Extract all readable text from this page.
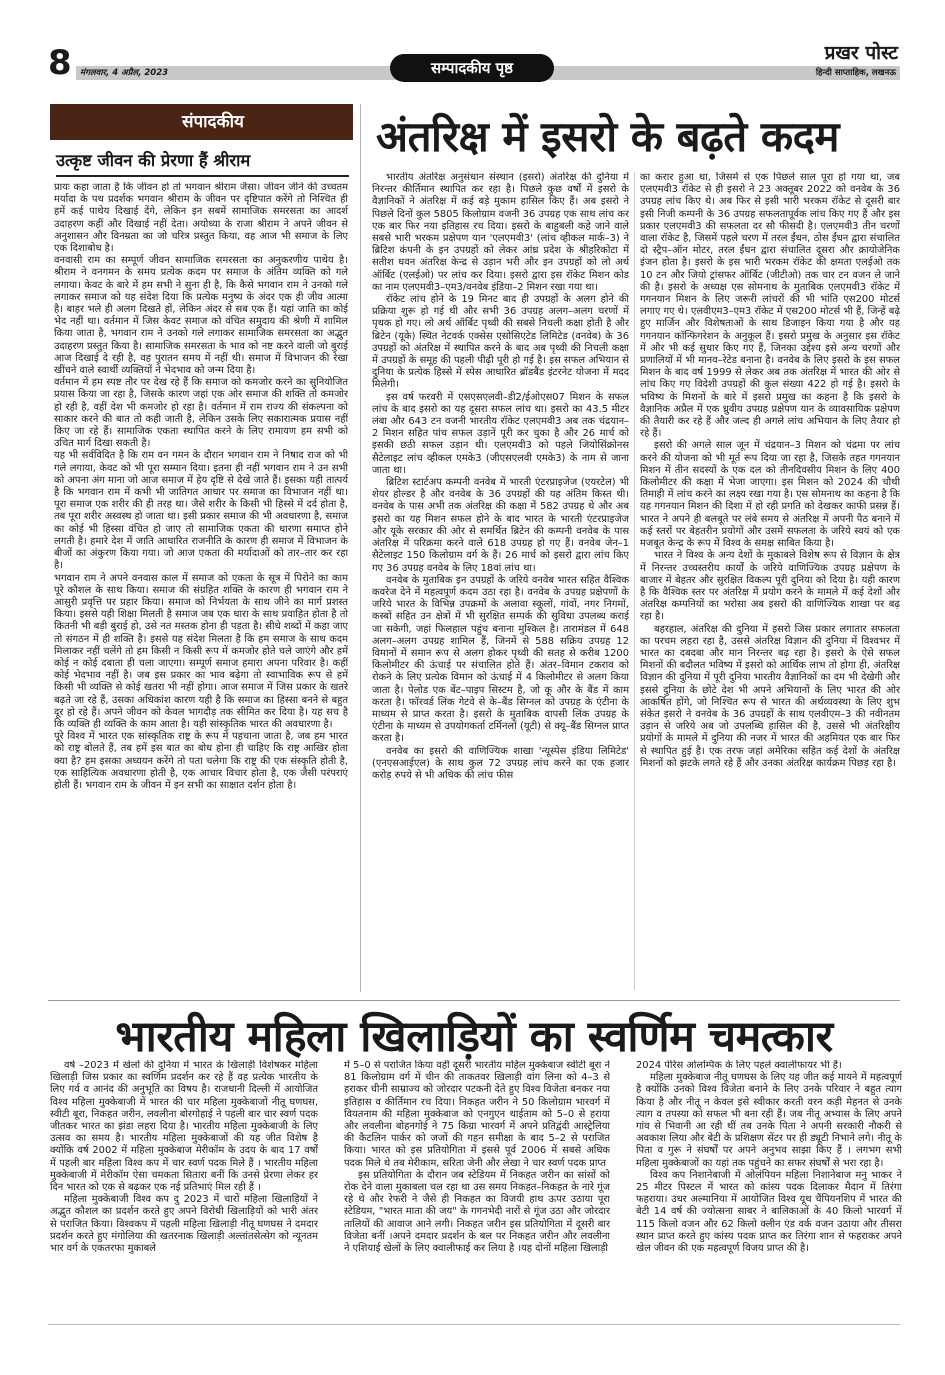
8 मंगलवार, 4 अप्रैल, 2023	सम्पादकीय पृष्ठ
प्रखर पोस्ट
हिन्दी साप्ताहिक, लखनऊ
संपादकीय
उत्कृष्ट जीवन की प्रेरणा हैं श्रीराम

प्रायः कहा जाता है कि जीवन हो तो भगवान श्रीराम जैसा। जीवन जीने की उच्चतम मर्यादा के पथ प्रदर्शक भगवान श्रीराम के जीवन पर दृष्टिपात करेंगे तो निश्चित ही हमें कई पाथेय दिखाई देंगे, लेकिन इन सबमें सामाजिक समरसता का आदर्श उदाहरण कहीं और दिखाई नहीं देता। अयोध्या के राजा श्रीराम ने अपने जीवन से अनुशासन और विनम्रता का जो चरित्र प्रस्तुत किया, वह आज भी समाज के लिए एक दिशाबोध है।

वनवासी राम का सम्पूर्ण जीवन सामाजिक समरसता का अनुकरणीय पाथेय है। श्रीराम ने वनगमन के समय प्रत्येक कदम पर समाज के अंतिम व्यक्ति को गले लगाया। केवट के बारे में हम सभी ने सुना ही है, कि कैसे भगवान राम ने उनको गले लगाकर समाज को यह संदेश दिया कि प्रत्येक मनुष्य के अंदर एक ही जीव आत्मा है। बाहर भले ही अलग दिखते हों, लेकिन अंदर से सब एक हैं। यहां जाति का कोई भेद नहीं था। वर्तमान में जिस केवट समाज को वंचित समुदाय की श्रेणी में शामिल किया जाता है, भगवान राम ने उनको गले लगाकर सामाजिक समरसता का अद्भुत उदाहरण प्रस्तुत किया है। सामाजिक समरसता के भाव को नष्ट करने वाली जो बुराई आज दिखाई दे रही है, वह पुरातन समय में नहीं थी। समाज में विभाजन की रेखा खींचने वाले स्वार्थी व्यक्तियों ने भेदभाव को जन्म दिया है।

वर्तमान में हम स्पष्ट तौर पर देख रहे हैं कि समाज को कमजोर करने का सुनियोजित प्रयास किया जा रहा है, जिसके कारण जहां एक ओर समाज की शक्ति तो कमजोर हो रही है, वहीं देश भी कमजोर हो रहा है। वर्तमान में राम राज्य की संकल्पना को साकार करने की बात तो कही जाती है, लेकिन उसके लिए सकारात्मक प्रयास नहीं किए जा रहे हैं। सामाजिक एकता स्थापित करने के लिए रामायण हम सभी को उचित मार्ग दिखा सकती है।

यह भी सर्वविदित है कि राम वन गमन के दौरान भगवान राम ने निषाद राज को भी गले लगाया, केवट को भी पूरा सम्मान दिया। इतना ही नहीं भगवान राम ने उन सभी को अपना अंग माना जो आज समाज में हेय दृष्टि से देखे जाते हैं। इसका यही तात्पर्य है कि भगवान राम में कभी भी जातिगत आधार पर समाज का विभाजन नहीं था। पूरा समाज एक शरीर की ही तरह था। जैसे शरीर के किसी भी हिस्से में दर्द होता है, तब पूरा शरीर अस्वस्थ हो जाता था। इसी प्रकार समाज की भी अवधारणा है, समाज का कोई भी हिस्सा वंचित हो जाए तो सामाजिक एकता की धारणा समाप्त होने लगती है। हमारे देश में जाति आधारित राजनीति के कारण ही समाज में विभाजन के बीजों का अंकुरण किया गया। जो आज एकता की मर्यादाओं को तार–तार कर रहा है।

भगवान राम ने अपने वनवास काल में समाज को एकता के सूत्र में पिरोने का काम पूरे कौशल के साथ किया। समाज की संग्रहित शक्ति के कारण ही भगवान राम ने आसुरी प्रवृत्ति पर प्रहार किया। समाज को निर्भयता के साथ जीने का मार्ग प्रशस्त किया। इससे यही शिक्षा मिलती है समाज जब एक धारा के साथ प्रवाहित होता है तो कितनी भी बड़ी बुराई हो, उसे नत मस्तक होना ही पड़ता है। सीधे शब्दों में कहा जाए तो संगठन में ही शक्ति है। इससे यह संदेश मिलता है कि हम समाज के साथ कदम मिलाकर नहीं चलेंगे तो हम किसी न किसी रूप में कमजोर होते चले जाएंगे और हमें कोई न कोई दबाता ही चला जाएगा। सम्पूर्ण समाज हमारा अपना परिवार है। कहीं कोई भेदभाव नहीं है। जब इस प्रकार का भाव बढ़ेगा तो स्वाभाविक रूप से हमें किसी भी व्यक्ति से कोई खतरा भी नहीं होगा। आज समाज में जिस प्रकार के खतरे बढ़ते जा रहे हैं, उसका अधिकांश कारण यही है कि समाज का हिस्सा बनने से बहुत दूर हो रहे हैं। अपने जीवन को केवल भागदौड़ तक सीमित कर दिया है। यह सच है कि व्यक्ति ही व्यक्ति के काम आता है। यही सांस्कृतिक भारत की अवधारणा है।

पूरे विश्व में भारत एक सांस्कृतिक राष्ट्र के रूप में पहचाना जाता है, जब हम भारत को राष्ट्र बोलते हैं, तब हमें इस बात का बोध होना ही चाहिए कि राष्ट्र आखिर होता क्या है? हम इसका अध्ययन करेंगे तो पता चलेगा कि राष्ट्र की एक संस्कृति होती है, एक साहित्यिक अवधारणा होती है, एक आचार विचार होता है, एक जैसी परंपराएं होती हैं। भगवान राम के जीवन में इन सभी का साक्षात दर्शन होता है।

अंतरिक्ष में इसरो के बढ़ते कदम

भारतीय अंतरिक्ष अनुसंधान संस्थान (इसरो) अंतरिक्ष की दुनिया में निरन्तर कीर्तिमान स्थापित कर रहा है। पिछले कुछ वर्षों में इसरो के वैज्ञानिकों ने अंतरिक्ष में कई बड़े मुकाम हासिल किए हैं। अब इसरो ने पिछले दिनों कुल 5805 किलोग्राम वजनी 36 उपग्रह एक साथ लांच कर एक बार फिर नया इतिहास रच दिया। इसरो के बाहुबली कहे जाने वाले सबसे भारी भरकम प्रक्षेपण यान 'एलएमवी3' (लांच व्हीकल मार्क–3) ने ब्रिटिश कंपनी के इन उपग्रहों को लेकर आंध्र प्रदेश के श्रीहरिकोटा में सतीश धवन अंतरिक्ष केन्द्र से उड़ान भरी और इन उपग्रहों को लो अर्थ ऑर्बिट (एलईओ) पर लांच कर दिया। इसरो द्वारा इस रॉकेट मिशन कोड का नाम एलएमवी3–एम3/वनवेब इंडिया–2 मिशन रखा गया था।

रॉकेट लांच होने के 19 मिनट बाद ही उपग्रहों के अलग होने की प्रक्रिया शुरू हो गई थी और सभी 36 उपग्रह अलग–अलग चरणों में पृथक हो गए। लो अर्थ ऑर्बिट पृथ्वी की सबसे निचली कक्षा होती है और ब्रिटेन (यूके) स्थित नेटवर्क एक्सेस एसोसिएटेड लिमिटेड (वनवेब) के 36 उपग्रहों को अंतरिक्ष में स्थापित करने के बाद अब पृथ्वी की निचली कक्षा में उपग्रहों के समूह की पहली पीढ़ी पूरी हो गई है। इस सफल अभियान से दुनिया के प्रत्येक हिस्से में स्पेस आधारित ब्रॉडबैंड इंटरनेट योजना में मदद मिलेगी।

इस वर्ष फरवरी में एसएसएलवी–डी2/ईओएस07 मिशन के सफल लांच के बाद इसरो का यह दूसरा सफल लांच था। इसरो का 43.5 मीटर लंबा और 643 टन वजनी भारतीय रॉकेट एलएमवी3 अब तक चंद्रयान–2 मिशन सहित पांच सफल उड़ानें पूरी कर चुका है और 26 मार्च को इसकी छठी सफल उड़ान थी। एलएमवी3 को पहले जियोसिंक्रोनस सैटेलाइट लांच व्हीकल एमके3 (जीएसएलवी एमके3) के नाम से जाना जाता था।

ब्रिटिश स्टार्टअप कम्पनी वनवेब में भारती एंटरप्राइजेज (एयरटेल) भी शेयर होल्डर है और वनवेब के 36 उपग्रहों की यह अंतिम किस्त थी। वनवेब के पास अभी तक अंतरिक्ष की कक्षा में 582 उपग्रह थे और अब इसरो का यह मिशन सफल होने के बाद भारत के भारती एंटरप्राइजेज और यूके सरकार की ओर से समर्थित ब्रिटेन की कम्पनी वनवेब के पास अंतरिक्ष में परिक्रमा करने वाले 618 उपग्रह हो गए हैं। वनवेब जेन–1 सैटेलाइट 150 किलोग्राम वर्ग के हैं। 26 मार्च को इसरो द्वारा लांच किए गए 36 उपग्रह वनवेब के लिए 18वां लांच था।

वनवेब के मुताबिक इन उपग्रहों के जरिये वनवेब भारत सहित वैश्विक कवरेज देने में महत्वपूर्ण कदम उठा रहा है। वनवेब के उपग्रह प्रक्षेपणों के जरिये भारत के विभिन्न उपक्रमों के अलावा स्कूलों, गांवों, नगर निगमों, कस्बों सहित उन क्षेत्रों में भी सुरक्षित सम्पर्क की सुविधा उपलब्ध कराई जा सकेगी, जहां फिलहाल पहुंच बनाना मुश्किल है। तारामंडल में 648 अलग–अलग उपग्रह शामिल हैं, जिनमें से 588 सक्रिय उपग्रह 12 विमानों में समान रूप से अलग होकर पृथ्वी की सतह से करीब 1200 किलोमीटर की ऊंचाई पर संचालित होते हैं। अंतर–विमान टकराव को रोकने के लिए प्रत्येक विमान को ऊंचाई में 4 किलोमीटर से अलग किया जाता है। पेलोड एक बेंट–पाइप सिस्टम है, जो कू और के बैंड में काम करता है। फॉरवर्ड लिंक गेटवे से के–बैंड सिग्नल को उपग्रह के एंटीना के माध्यम से प्राप्त करता है। इसरो के मुताबिक वापसी लिंक उपग्रह के एंटीना के माध्यम से उपयोगकर्ता टर्मिनलों (यूटी) से क्यू–बैंड सिग्नल प्राप्त करता है।

वनवेब का इसरो की वाणिज्यिक शाखा 'न्यूस्पेस इंडिया लिमिटेड' (एनएसआईएल) के साथ कुल 72 उपग्रह लांच करने का एक हजार करोड़ रुपये से भी अधिक की लांच फीस

का करार हुआ था, जिसमें से एक पिछले साल पूरा हो गया था, जब एलएमवी3 रॉकेट से ही इसरो ने 23 अक्तूबर 2022 को वनवेब के 36 उपग्रह लांच किए थे। अब फिर से इसी भारी भरकम रॉकेट से दूसरी बार इसी निजी कम्पनी के 36 उपग्रह सफलतापूर्वक लांच किए गए हैं और इस प्रकार एलएमवी3 की सफलता दर सौ फीसदी है। एलएमवी3 तीन चरणों वाला रॉकेट है, जिसमें पहले चरण में तरल ईंधन, ठोस ईंधन द्वारा संचालित दो स्ट्रैप–ऑन मोटर, तरल ईंधन द्वारा संचालित दूसरा और क्रायोजेनिक इंजन होता है। इसरो के इस भारी भरकम रॉकेट की क्षमता एलईओ तक 10 टन और जियो ट्रांसफर ऑर्बिट (जीटीओ) तक चार टन वजन ले जाने की है। इसरो के अध्यक्ष एस सोमनाथ के मुताबिक एलएमवी3 रॉकेट में गगनयान मिशन के लिए जरूरी लांचरों की भी भांति एस200 मोटर्स लगाए गए थे। एलवीएम3–एम3 रॉकेट में एस200 मोटर्स भी हैं, जिन्हें बढ़े हुए मार्जिन और विशेषताओं के साथ डिजाइन किया गया है और यह गगनयान कॉन्फिगरेशन के अनुकूल हैं। इसरो प्रमुख के अनुसार इस रॉकेट में और भी कई सुधार किए गए हैं, जिनका उद्देश्य इसे अन्य चरणों और प्रणालियों में भी मानव–रेटेड बनाना है। वनवेब के लिए इसरो के इस सफल मिशन के बाद वर्ष 1999 से लेकर अब तक अंतरिक्ष में भारत की ओर से लांच किए गए विदेशी उपग्रहों की कुल संख्या 422 हो गई है। इसरो के भविष्य के मिशनों के बारे में इसरो प्रमुख का कहना है कि इसरो के वैज्ञानिक अप्रैल में एक ध्रुवीय उपग्रह प्रक्षेपण यान के व्यावसायिक प्रक्षेपण की तैयारी कर रहे हैं और जल्द ही अगले लांच अभियान के लिए तैयार हो रहे हैं।

इसरो की अगले साल जून में चंद्रयान–3 मिशन को चंद्रमा पर लांच करने की योजना को भी मूर्त रूप दिया जा रहा है, जिसके तहत गगनयान मिशन में तीन सदस्यों के एक दल को तीनदिवसीय मिशन के लिए 400 किलोमीटर की कक्षा में भेजा जाएगा। इस मिशन को 2024 की चौथी तिमाही में लांच करने का लक्ष्य रखा गया है। एस सोमनाथ का कहना है कि यह गगनयान मिशन की दिशा में हो रही प्रगति को देखकर काफी प्रसन्न हैं। भारत ने अपने ही बलबूते पर लंबे समय से अंतरिक्ष में अपनी पैठ बनाने में कई स्तरों पर बेहतरीन प्रयोगों और उसमें सफलता के जरिये स्वयं को एक मजबूत केन्द्र के रूप में विश्व के समक्ष साबित किया है।

भारत ने विश्व के अन्य देशों के मुकाबले विशेष रूप से विज्ञान के क्षेत्र में निरन्तर उच्चस्तरीय कार्यों के जरिये वाणिज्यिक उपग्रह प्रक्षेपण के बाजार में बेहतर और सुरक्षित विकल्प पूरी दुनिया को दिया है। यही कारण है कि वैश्विक स्तर पर अंतरिक्ष में प्रयोग करने के मामले में कई देशों और अंतरिक्ष कम्पनियों का भरोसा अब इसरो की वाणिज्यिक शाखा पर बढ़ रहा है।

बहरहाल, अंतरिक्ष की दुनिया में इसरो जिस प्रकार लगातार सफलता का परचम लहरा रहा है, उससे अंतरिक्ष विज्ञान की दुनिया में विश्वभर में भारत का दबदबा और मान निरन्तर बढ़ रहा है। इसरो के ऐसे सफल मिशनों की बदौलत भविष्य में इसरो को आर्थिक लाभ तो होगा ही, अंतरिक्ष विज्ञान की दुनिया में पूरी दुनिया भारतीय वैज्ञानिकों का दम भी देखेगी और इससे दुनिया के छोटे देश भी अपने अभियानों के लिए भारत की ओर आकर्षित होंगे, जो निश्चित रूप से भारत की अर्थव्यवस्था के लिए शुभ संकेत इसरो ने वनवेब के 36 उपग्रहों के साथ एलवीएम–3 की नवीनतम उड़ान से जरिये अब जो उपलब्धि हासिल की है, उससे भी अंतरिक्षीय प्रयोगों के मामले में दुनिया की नजर में भारत की अहमियत एक बार फिर से स्थापित हुई है। एक तरफ जहां अमेरिका सहित कई देशों के अंतरिक्ष मिशनों को झटके लगते रहे हैं और उनका अंतरिक्ष कार्यक्रम पिछड़ रहा है।

भारतीय महिला खिलाड़ियों का स्वर्णिम चमत्कार

वर्ष –2023 में खेलों की दुनिया में भारत के खिलाड़ी विशेषकर महिला खिलाड़ी जिस प्रकार का स्वर्णिम प्रदर्शन कर रहे हैं वह प्रत्येक भारतीय के लिए गर्व व आनंद की अनुभूति का विषय है। राजधानी दिल्ली में आयोजित विश्व महिला मुक्केबाजी में भारत की चार महिला मुक्केबाजों नीतू घणघस, स्वीटी बूरा, निकहत जरीन, लवलीना बोरगोहाई ने पहली बार चार स्वर्ण पदक जीतकर भारत का झंडा लहरा दिया है। भारतीय महिला मुक्केबाजी के लिए उत्सव का समय है। भारतीय महिला मुक्केबाजों की यह जीत विशेष है क्योंकि वर्ष 2002 में महिला मुक्केबाज मेरीकॉम के उदय के बाद 17 वर्षों में पहली बार महिला विश्व कप में चार स्वर्ण पदक मिले हैं । भारतीय महिला मुक्केबाजी में मेरीकॉम ऐसा चमकता सितारा बनीं कि उनसे प्रेरणा लेकर हर दिन भारत को एक से बढ़कर एक नई प्रतिभाएं मिल रही हैं ।

महिला मुक्केबाजी विश्व कप दु 2023 में चारों महिला खिलाड़ियों ने अद्भुत कौशल का प्रदर्शन करते हुए अपने विरोधी खिलाड़ियों को भारी अंतर से पराजित किया। विश्वकप में पहली महिला खिलाड़ी नीतू घणघस ने दमदार प्रदर्शन करते हुए मंगोलिया की खतरनाक खिलाड़ी अल्तांतसेत्सेग को न्यूनतम भार वर्ग के एकतरफा मुकाबले

में 5–0 से पराजित किया वहीं दूसरी भारतीय महिल मुक्केबाज स्वीटी बूरा ने 81 किलोग्राम वर्ग में चीन की ताकतवर खिलाड़ी वांग लिना को 4–3 से हराकर चीनी साम्राज्य को जोरदार पटकनी देते हुए विश्व विजेता बनकर नया इतिहास व कीर्तिमान रच दिया। निकहत जरीन ने 50 किलोग्राम भारवर्ग में वियतनाम की महिला मुक्केबाज को एनगुएन थाईताम को 5–0 से हराया और लवलीना बोहनगोई ने 75 किग्रा भारवर्ग में अपने प्रतिद्वंदी आस्ट्रेलिया की कैटलिन पार्कर को जजों की गहन समीक्षा के बाद 5–2 से पराजित किया। भारत को इस प्रतियोगिता में इससे पूर्व 2006 में सबसे अधिक पदक मिले थे तब मेरीकाम, सरिता जेनी और लेखा ने चार स्वर्ण पदक प्राप्त

इस प्रतियोगिता के दौरान जब स्टेडियम में निकहत जरीन का सांसों को रोक देने वाला मुकाबला चल रहा था उस समय निकहत–निकहत के नारे गूंज रहे थे और रेफरी ने जैसे ही निकहत का विजयी हाथ ऊपर उठाया पूरा स्टेडियम, "भारत माता की जय" के गगनभेदी नारों से गूंज उठा और जोरदार तालियों की आवाज आने लगी। निकहत जरीन इस प्रतियोगिता में दूसरी बार विजेता बनीं ।अपने दमदार प्रदर्शन के बल पर निकहत जरीन और लवलीना ने एशियाई खेलों के लिए क्वालीफाई कर लिया है ।यह दोनों महिला खिलाड़ी

2024 पेरिस ओलम्पिक के लिए पहले क्वालीफायर भी हैं।

महिला मुक्केबाज नीतू घणघस के लिए यह जीत कई मायने में महत्वपूर्ण है क्योंकि उनको विश्व विजेता बनाने के लिए उनके परिवार ने बहुत त्याग किया है और नीतू न केवल इसे स्वीकार करती वरन कड़ी मेहनत से उनके त्याग व तपस्या को सफल भी बना रही हैं। जब नीतू अभ्यास के लिए अपने गांव से भिवानी आ रही थीं तब उनके पिता ने अपनी सरकारी नौकरी से अवकाश लिया और बेटी के प्रशिक्षण सेंटर पर ही ड्यूटी निभाने लगे। नीतू के पिता व गुरू ने संघर्षों पर अपने अनुभव साझा किए हैं । लगभग सभी महिला मुक्केबाजों का यहां तक पहुंचने का सफर संघर्षों से भरा रहा है।

विश्व कप निशानेबाजी में ओलंपियन महिला निशानेबाज मनु भाकर ने 25 मीटर पिस्टल में भारत को कांस्य पदक दिलाकर मैदान में तिरंगा फहराया। उधर अल्मानिया में आयोजित विश्व यूथ चैंपियनशिप में भारत की बेटी 14 वर्ष की ज्योत्सना साबर ने बालिकाओं के 40 किलो भारवर्ग में 115 किलो वजन और 62 किलो क्लीन एंड वर्क वजन उठाया और तीसरा स्थान प्राप्त करते हुए कांस्य पदक प्राप्त कर तिरंगा शान से फहराकर अपने खेल जीवन की एक महत्वपूर्ण विजय प्राप्त की है।
